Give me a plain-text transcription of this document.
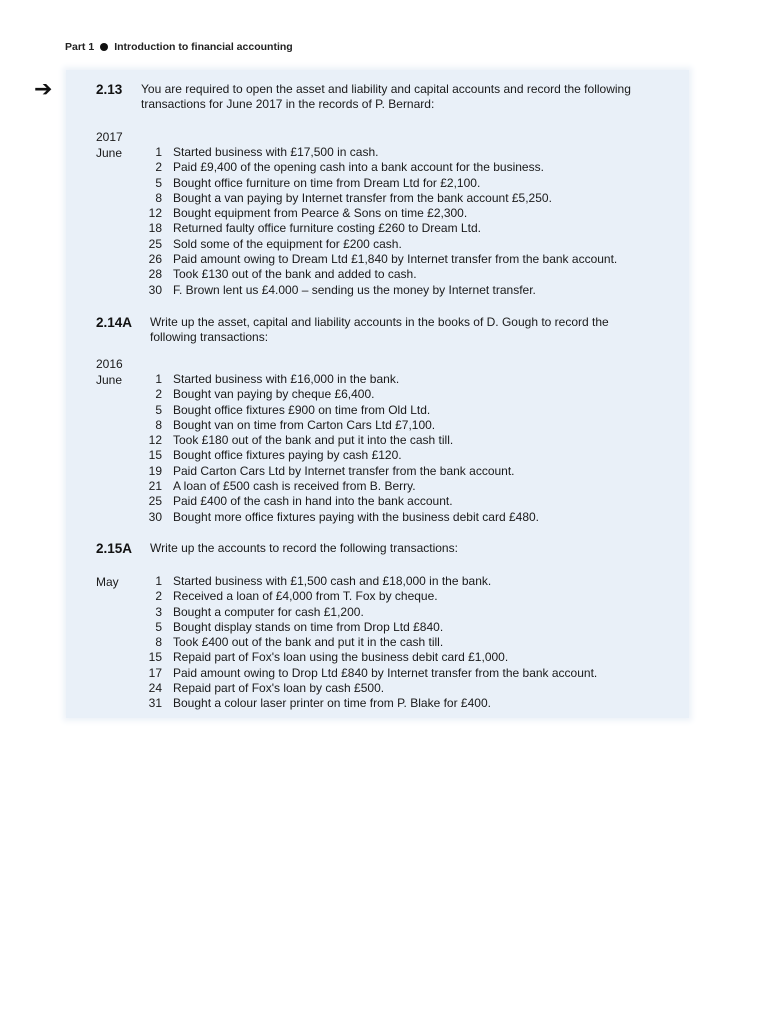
Part 1 Introduction to financial accounting
➔	2.13 You are required to open the asset and liability and capital accounts and record the following
transactions for June 2017 in the records of P. Bernard:
2017
June	1 Started business with £17,500 in cash.
2 Paid £9,400 of the opening cash into a bank account for the business.
5 Bought office furniture on time from Dream Ltd for £2,100.
8 Bought a van paying by Internet transfer from the bank account £5,250.
12 Bought equipment from Pearce & Sons on time £2,300.
18 Returned faulty office furniture costing £260 to Dream Ltd.
25 Sold some of the equipment for £200 cash.
26 Paid amount owing to Dream Ltd £1,840 by Internet transfer from the bank account.
28 Took £130 out of the bank and added to cash.
30 F. Brown lent us £4.000 – sending us the money by Internet transfer.
2.14A Write up the asset, capital and liability accounts in the books of D. Gough to record the
following transactions:
2016
June	1 Started business with £16,000 in the bank.
2 Bought van paying by cheque £6,400.
5 Bought office fixtures £900 on time from Old Ltd.
8 Bought van on time from Carton Cars Ltd £7,100.
12 Took £180 out of the bank and put it into the cash till.
15 Bought office fixtures paying by cash £120.
19 Paid Carton Cars Ltd by Internet transfer from the bank account.
21 A loan of £500 cash is received from B. Berry.
25 Paid £400 of the cash in hand into the bank account.
30 Bought more office fixtures paying with the business debit card £480.
2.15A Write up the accounts to record the following transactions:
May	1 Started business with £1,500 cash and £18,000 in the bank.
2 Received a loan of £4,000 from T. Fox by cheque.
3 Bought a computer for cash £1,200.
5 Bought display stands on time from Drop Ltd £840.
8 Took £400 out of the bank and put it in the cash till.
15 Repaid part of Fox's loan using the business debit card £1,000.
17 Paid amount owing to Drop Ltd £840 by Internet transfer from the bank account.
24 Repaid part of Fox's loan by cash £500.
31 Bought a colour laser printer on time from P. Blake for £400.
